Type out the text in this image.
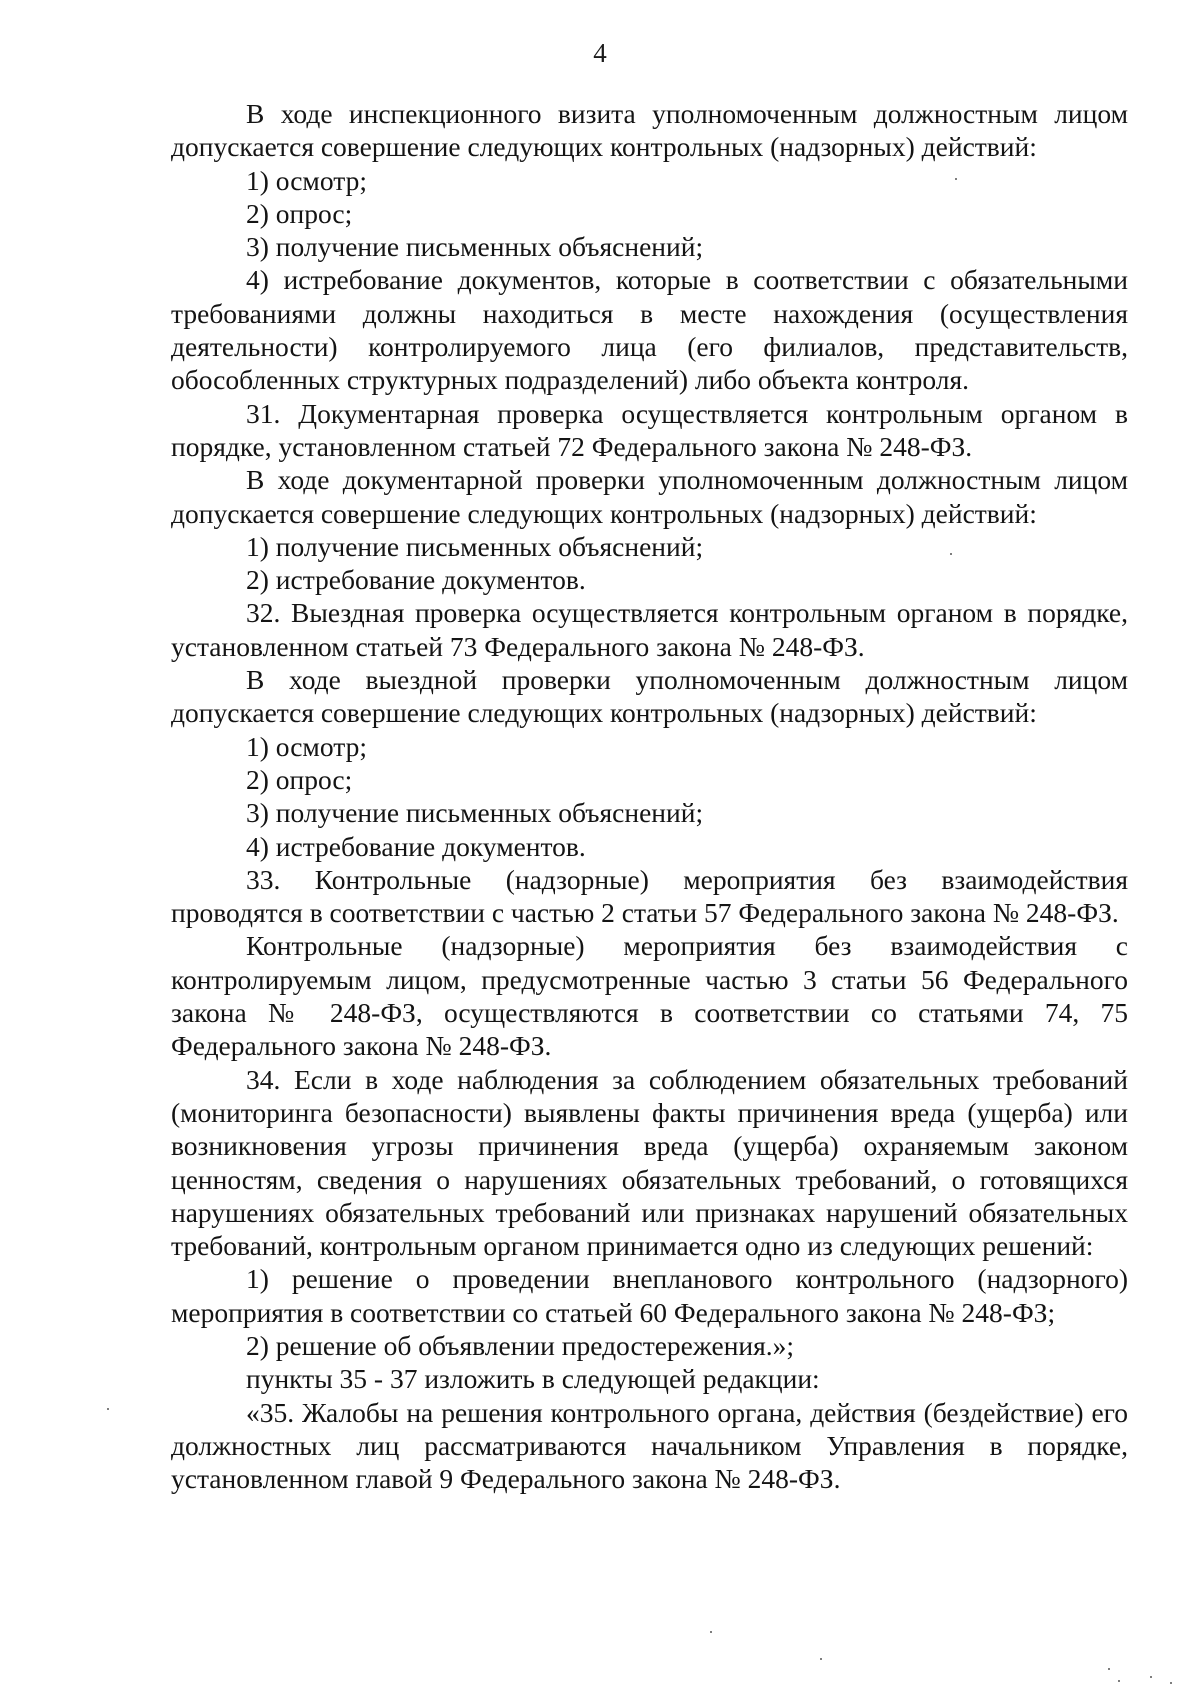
4

В ходе инспекционного визита уполномоченным должностным лицом допускается совершение следующих контрольных (надзорных) действий:

1) осмотр;

2) опрос;

3) получение письменных объяснений;

4) истребование документов, которые в соответствии с обязательными требованиями должны находиться в месте нахождения (осуществления деятельности) контролируемого лица (его филиалов, представительств, обособленных структурных подразделений) либо объекта контроля.

31. Документарная проверка осуществляется контрольным органом в порядке, установленном статьей 72 Федерального закона № 248-ФЗ.

В ходе документарной проверки уполномоченным должностным лицом допускается совершение следующих контрольных (надзорных) действий:

1) получение письменных объяснений;

2) истребование документов.

32. Выездная проверка осуществляется контрольным органом в порядке, установленном статьей 73 Федерального закона № 248-ФЗ.

В ходе выездной проверки уполномоченным должностным лицом допускается совершение следующих контрольных (надзорных) действий:

1) осмотр;

2) опрос;

3) получение письменных объяснений;

4) истребование документов.

33. Контрольные (надзорные) мероприятия без взаимодействия проводятся в соответствии с частью 2 статьи 57 Федерального закона № 248-ФЗ.

Контрольные (надзорные) мероприятия без взаимодействия с контролируемым лицом, предусмотренные частью 3 статьи 56 Федерального закона № 248-ФЗ, осуществляются в соответствии со статьями 74, 75 Федерального закона № 248-ФЗ.

34. Если в ходе наблюдения за соблюдением обязательных требований (мониторинга безопасности) выявлены факты причинения вреда (ущерба) или возникновения угрозы причинения вреда (ущерба) охраняемым законом ценностям, сведения о нарушениях обязательных требований, о готовящихся нарушениях обязательных требований или признаках нарушений обязательных требований, контрольным органом принимается одно из следующих решений:

1) решение о проведении внепланового контрольного (надзорного) мероприятия в соответствии со статьей 60 Федерального закона № 248-ФЗ;

2) решение об объявлении предостережения.»;

пункты 35 - 37 изложить в следующей редакции:

«35. Жалобы на решения контрольного органа, действия (бездействие) его должностных лиц рассматриваются начальником Управления в порядке, установленном главой 9 Федерального закона № 248-ФЗ.
